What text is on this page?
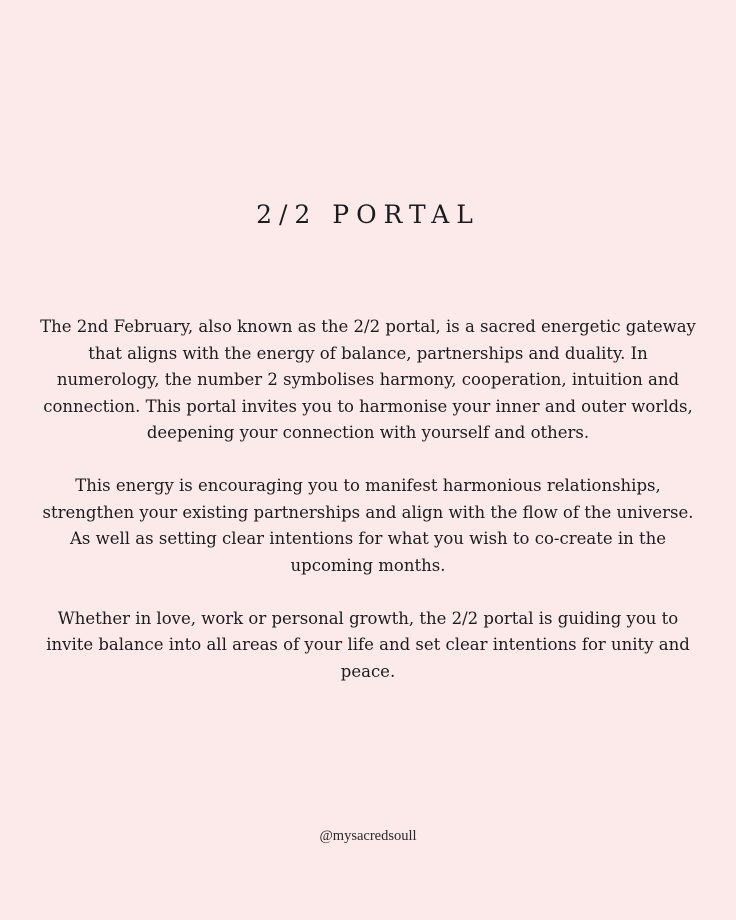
2/2 PORTAL

The 2nd February, also known as the 2/2 portal, is a sacred energetic gateway that aligns with the energy of balance, partnerships and duality. In numerology, the number 2 symbolises harmony, cooperation, intuition and connection. This portal invites you to harmonise your inner and outer worlds, deepening your connection with yourself and others.

This energy is encouraging you to manifest harmonious relationships, strengthen your existing partnerships and align with the flow of the universe. As well as setting clear intentions for what you wish to co-create in the upcoming months.

Whether in love, work or personal growth, the 2/2 portal is guiding you to invite balance into all areas of your life and set clear intentions for unity and peace.

@mysacredsoull
